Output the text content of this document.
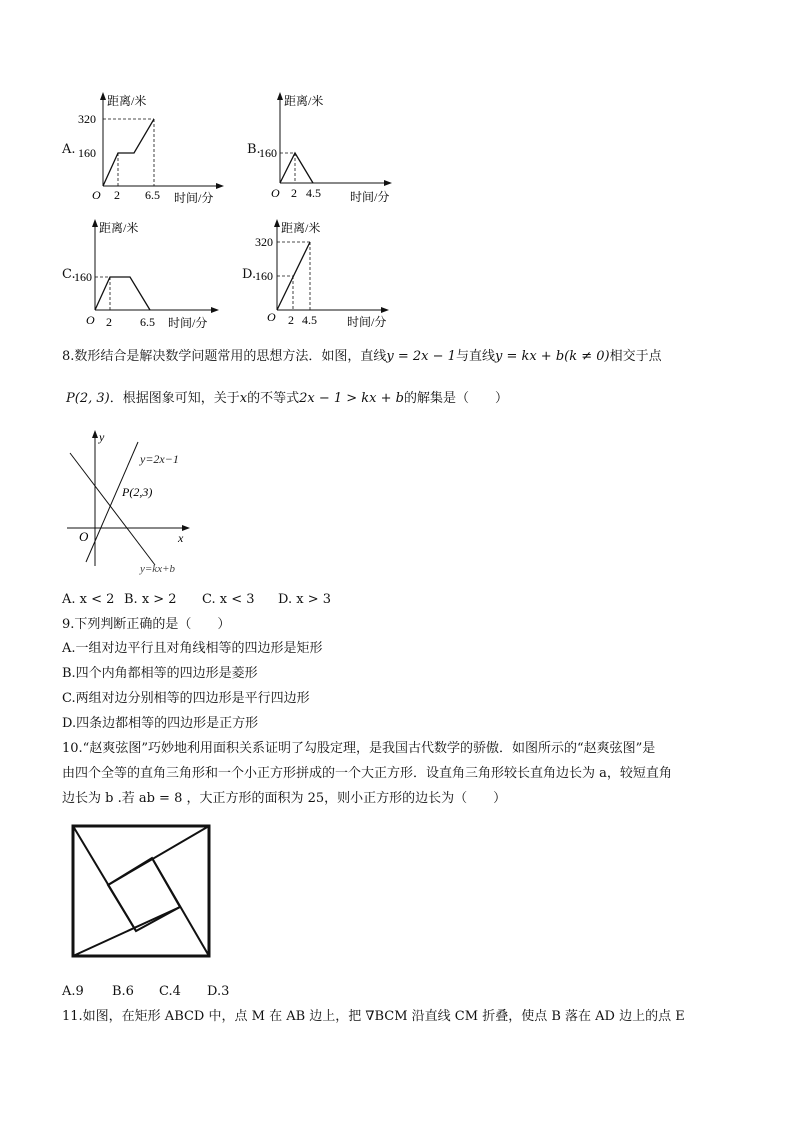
A.
距离/米
320
160
O 2 6.5 时间/分
B.
距离/米
160
O 2 4.5 时间/分
C.
距离/米
160
O 2 6.5 时间/分
D.
距离/米
320
160
O 2 4.5	时间/分
8.数形结合是解决数学问题常用的思想方法．如图，直线y = 2x − 1与直线y = kx + b(k ≠ 0)相交于点
P(2, 3)．根据图象可知，关于x的不等式2x − 1 > kx + b的解集是（　　）
y
y=2x−1
P(2,3)
x
O
y=kx+b
A. x < 2 B. x > 2 C. x < 3 D. x > 3
9.下列判断正确的是（　　）
A.一组对边平行且对角线相等的四边形是矩形
B.四个内角都相等的四边形是菱形
C.两组对边分别相等的四边形是平行四边形
D.四条边都相等的四边形是正方形
10.“赵爽弦图”巧妙地利用面积关系证明了勾股定理，是我国古代数学的骄傲．如图所示的“赵爽弦图”是
由四个全等的直角三角形和一个小正方形拼成的一个大正方形．设直角三角形较长直角边长为 a，较短直角
边长为 b .若 ab = 8 ，大正方形的面积为 25，则小正方形的边长为（　　）
A.9 B.6 C.4 D.3
11.如图，在矩形 ABCD 中，点 M 在 AB 边上，把 ∇BCM 沿直线 CM 折叠，使点 B 落在 AD 边上的点 E
